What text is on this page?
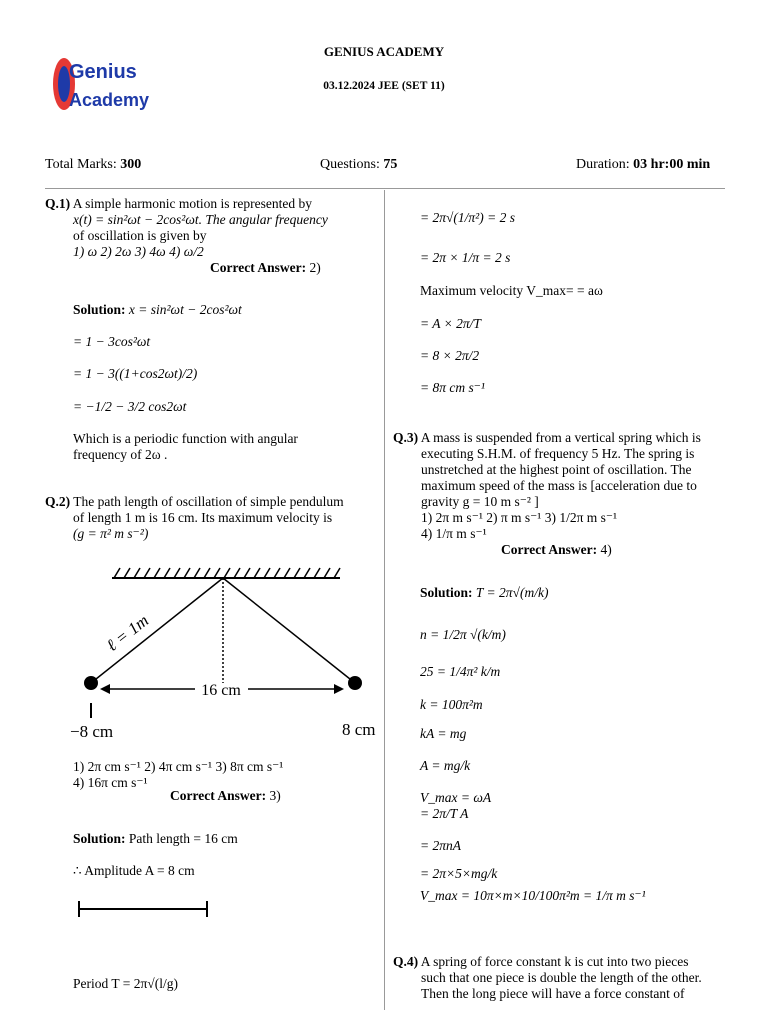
Genius
Academy
GENIUS ACADEMY
03.12.2024 JEE (SET 11)
Total Marks: 300	Questions: 75	Duration: 03 hr:00 min
Q.1) A simple harmonic motion is represented by
x(t) = sin²ωt − 2cos²ωt. The angular frequency
of oscillation is given by
1) ω 2) 2ω 3) 4ω 4) ω/2
Correct Answer: 2)
Solution: x = sin²ωt − 2cos²ωt
= 1 − 3cos²ωt
= 1 − 3((1+cos2ωt)/2)
= −1/2 − 3/2 cos2ωt
Which is a periodic function with angular
frequency of 2ω .
Q.2) The path length of oscillation of simple pendulum
of length 1 m is 16 cm. Its maximum velocity is
(g = π² m s⁻²)
16 cm
ℓ = 1m
−8 cm	8 cm
1) 2π cm s⁻¹ 2) 4π cm s⁻¹ 3) 8π cm s⁻¹
4) 16π cm s⁻¹
Correct Answer: 3)
Solution: Path length = 16 cm
∴ Amplitude A = 8 cm
Period T = 2π√(l/g)
= 2π√(1/π²) = 2 s
= 2π × 1/π = 2 s
Maximum velocity V_max= = aω
= A × 2π/T
= 8 × 2π/2
= 8π cm s⁻¹
Q.3) A mass is suspended from a vertical spring which is
executing S.H.M. of frequency 5 Hz. The spring is
unstretched at the highest point of oscillation. The
maximum speed of the mass is [acceleration due to
gravity g = 10 m s⁻² ]
1) 2π m s⁻¹ 2) π m s⁻¹ 3) 1/2π m s⁻¹
4) 1/π m s⁻¹
Correct Answer: 4)
Solution: T = 2π√(m/k)
n = 1/2π √(k/m)
25 = 1/4π² k/m
k = 100π²m
kA = mg
A = mg/k
V_max = ωA
= 2π/T A
= 2πnA
= 2π×5×mg/k
V_max = 10π×m×10/100π²m = 1/π m s⁻¹
Q.4) A spring of force constant k is cut into two pieces
such that one piece is double the length of the other.
Then the long piece will have a force constant of
